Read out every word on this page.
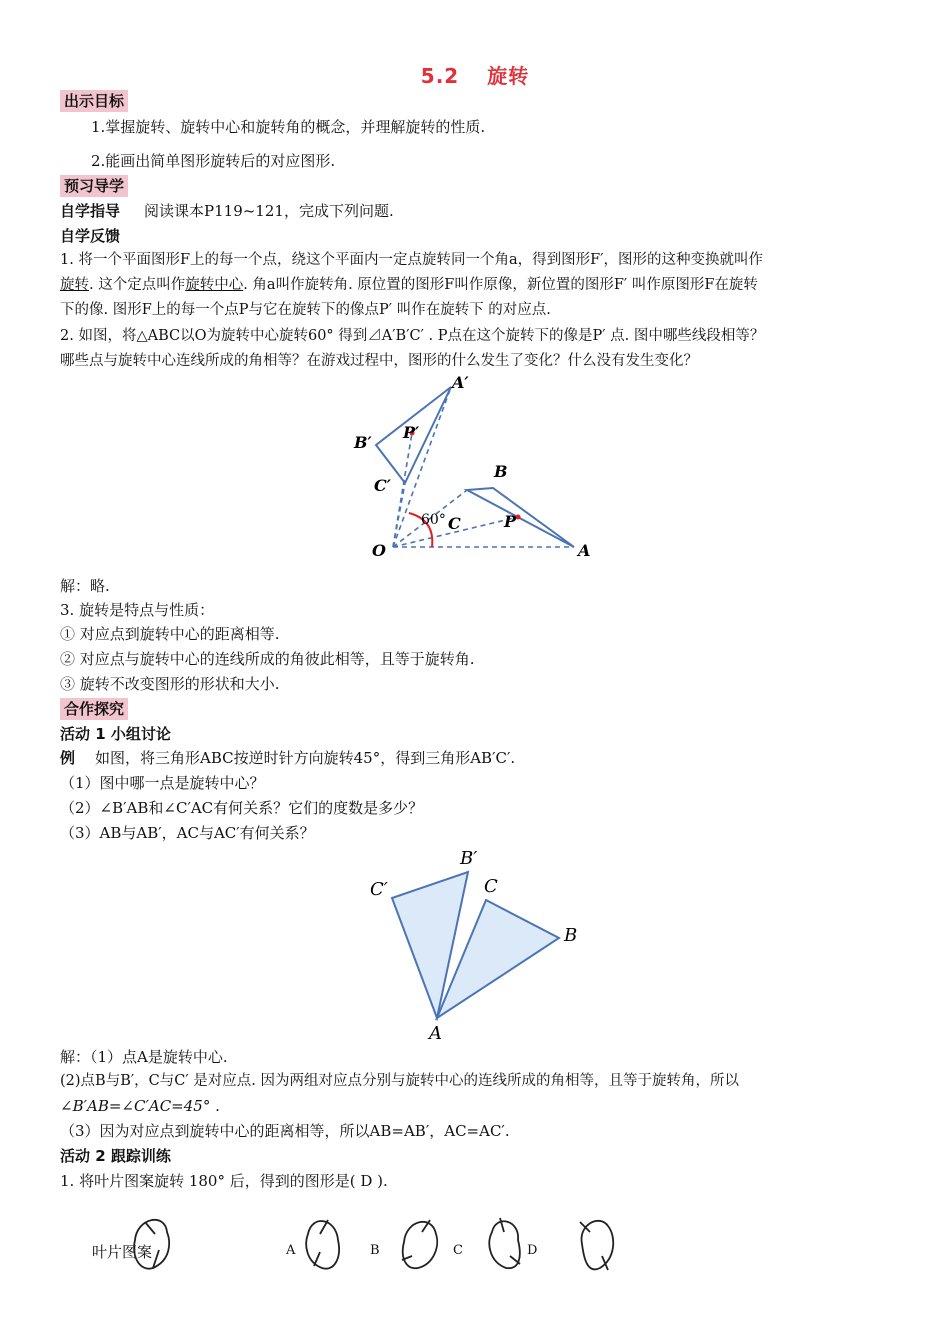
5.2 旋转
出示目标
1.掌握旋转、旋转中心和旋转角的概念，并理解旋转的性质.
2.能画出简单图形旋转后的对应图形.
预习导学
自学指导 阅读课本P119~121，完成下列问题.
自学反馈
1. 将一个平面图形F上的每一个点，绕这个平面内一定点旋转同一个角a，得到图形F′，图形的这种变换就叫作
旋转. 这个定点叫作旋转中心. 角a叫作旋转角. 原位置的图形F叫作原像，新位置的图形F′ 叫作原图形F在旋转
下的像. 图形F上的每一个点P与它在旋转下的像点P′ 叫作在旋转下 的对应点.
2. 如图，将△ABC以O为旋转中心旋转60° 得到⊿A′B′C′ . P点在这个旋转下的像是P′ 点. 图中哪些线段相等？
哪些点与旋转中心连线所成的角相等？在游戏过程中，图形的什么发生了变化？什么没有发生变化？
A′
B′
P′
C′
B
C	P
60°
O	A
解：略.
3. 旋转是特点与性质：
① 对应点到旋转中心的距离相等.
② 对应点与旋转中心的连线所成的角彼此相等，且等于旋转角.
③ 旋转不改变图形的形状和大小.
合作探究
活动 1 小组讨论
例 如图，将三角形ABC按逆时针方向旋转45°，得到三角形AB′C′.
（1）图中哪一点是旋转中心？
（2）∠B′AB和∠C′AC有何关系？它们的度数是多少？
（3）AB与AB′，AC与AC′有何关系？
B′
C′	C
B
A
解：（1）点A是旋转中心.
(2)点B与B′，C与C′ 是对应点. 因为两组对应点分别与旋转中心的连线所成的角相等，且等于旋转角，所以
∠B′AB=∠C′AC=45° .
（3）因为对应点到旋转中心的距离相等，所以AB=AB′，AC=AC′.
活动 2 跟踪训练
1. 将叶片图案旋转 180° 后，得到的图形是( D ).
叶片图案	A	B	C	D
